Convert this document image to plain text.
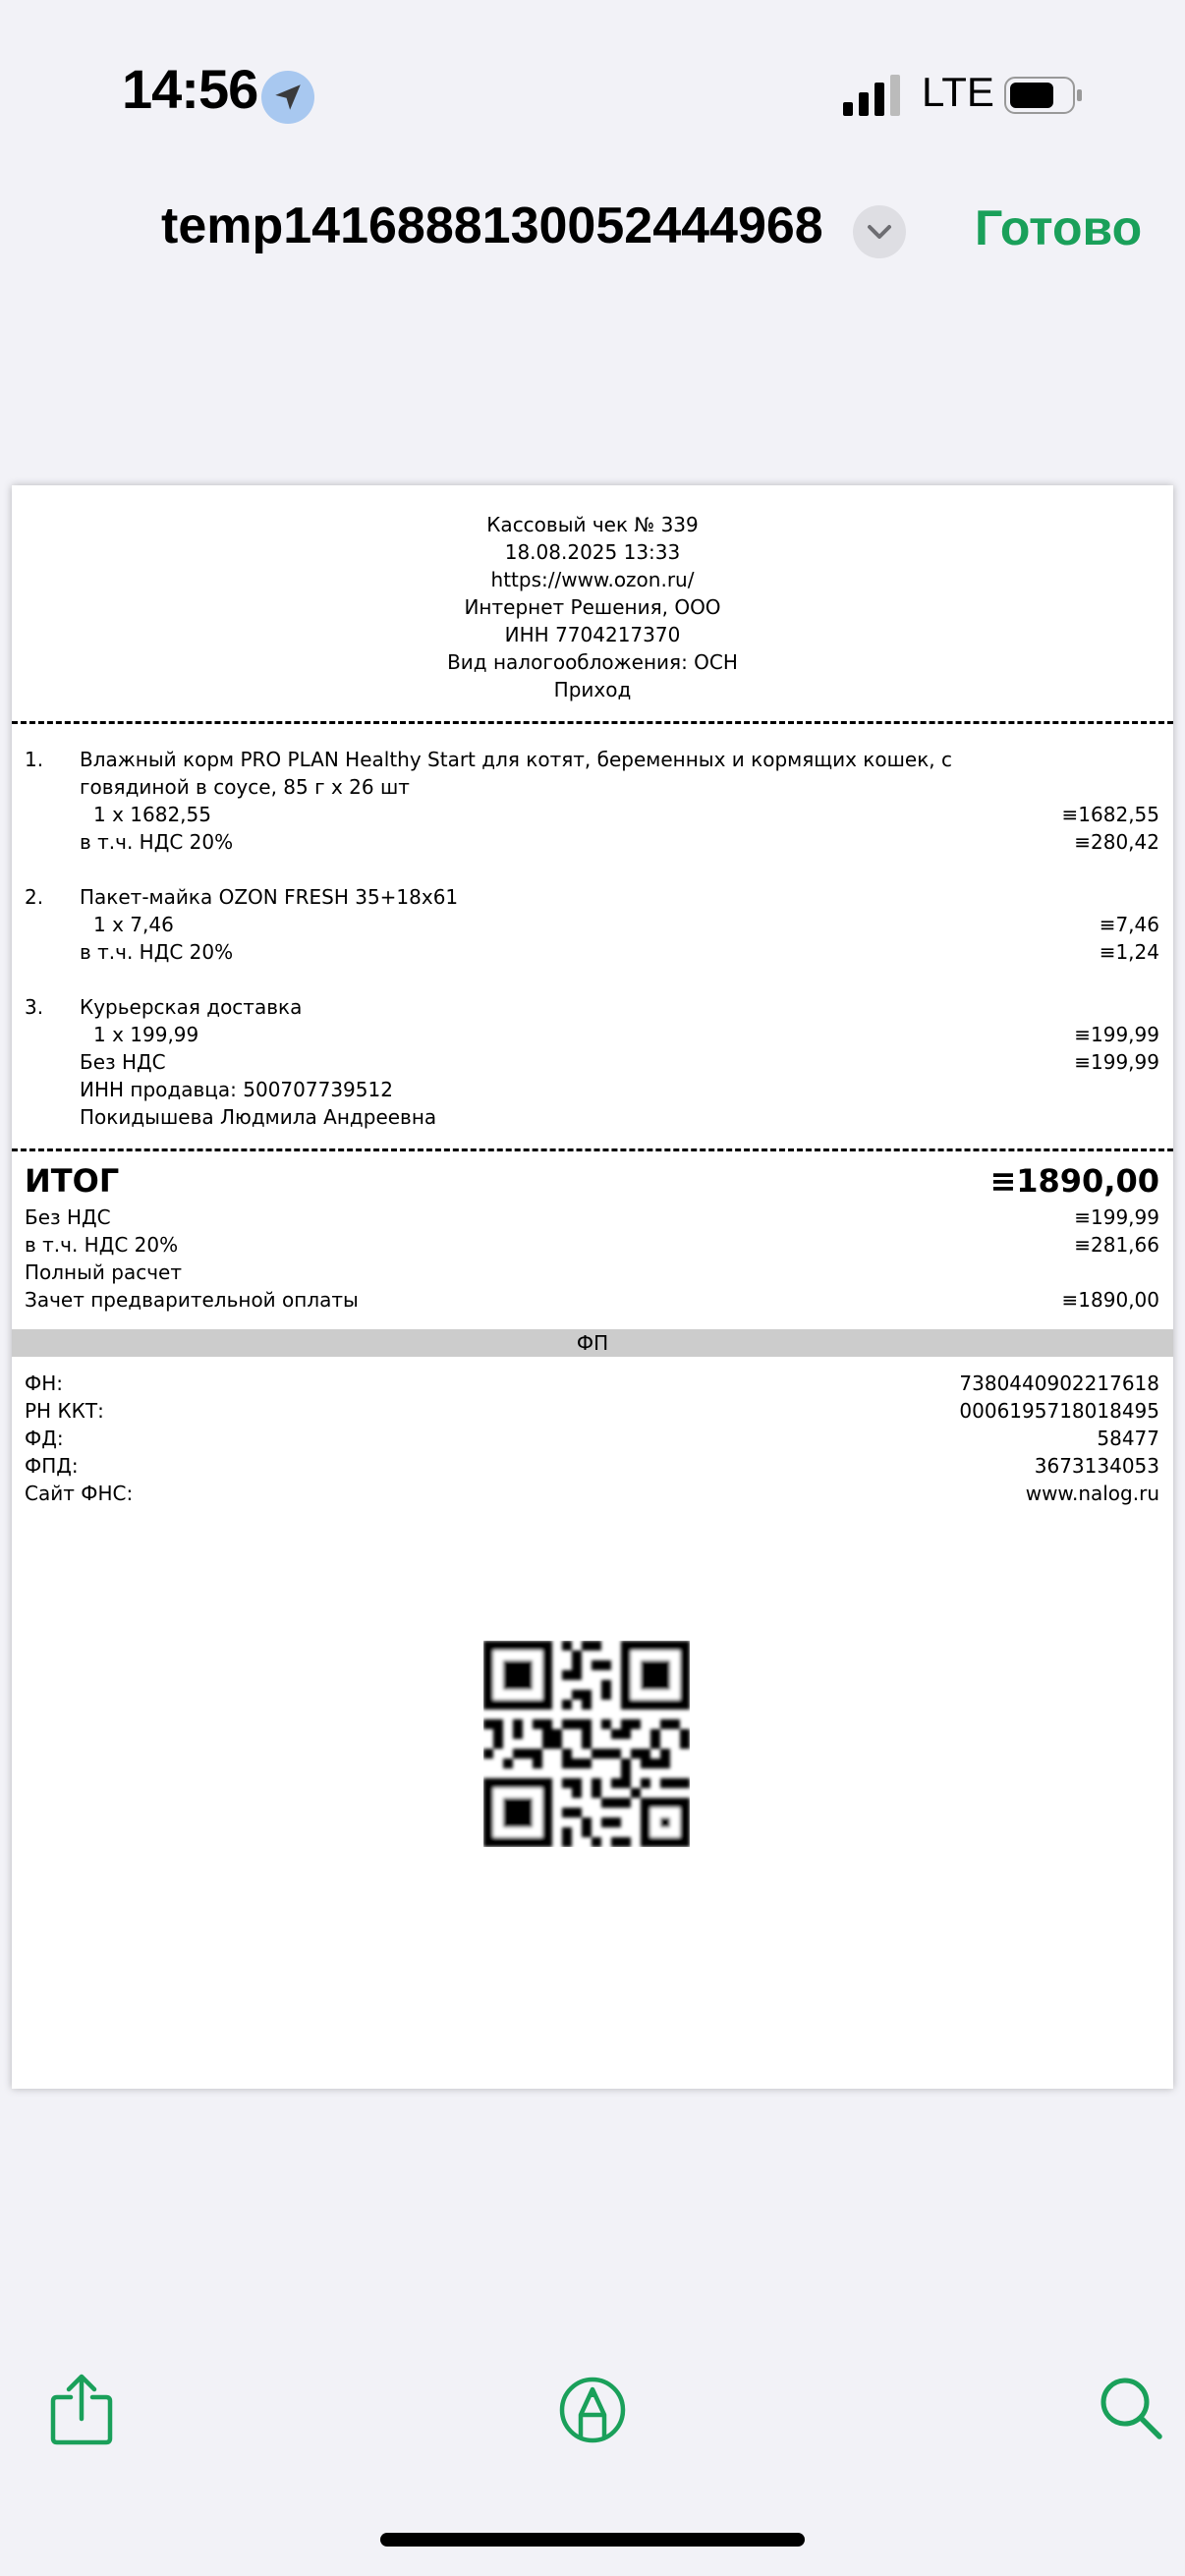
14:56	LTE
temp1416888130052444968	Готово
Кассовый чек № 339
18.08.2025 13:33
https://www.ozon.ru/
Интернет Решения, ООО
ИНН 7704217370
Вид налогообложения: ОСН
Приход
1. Влажный корм PRO PLAN Healthy Start для котят, беременных и кормящих кошек, с
говядиной в соусе, 85 г x 26 шт
1 x 1682,55	≡1682,55
в т.ч. НДС 20%	≡280,42
2. Пакет-майка OZON FRESH 35+18x61
1 x 7,46	≡7,46
в т.ч. НДС 20%	≡1,24
3. Курьерская доставка
1 x 199,99	≡199,99
Без НДС	≡199,99
ИНН продавца: 500707739512
Покидышева Людмила Андреевна
ИТОГ	≡1890,00
Без НДС	≡199,99
в т.ч. НДС 20%	≡281,66
Полный расчет
Зачет предварительной оплаты	≡1890,00
ФП
ФН:	7380440902217618
РН ККТ:	0006195718018495
ФД:	58477
ФПД:	3673134053
Сайт ФНС:	www.nalog.ru
